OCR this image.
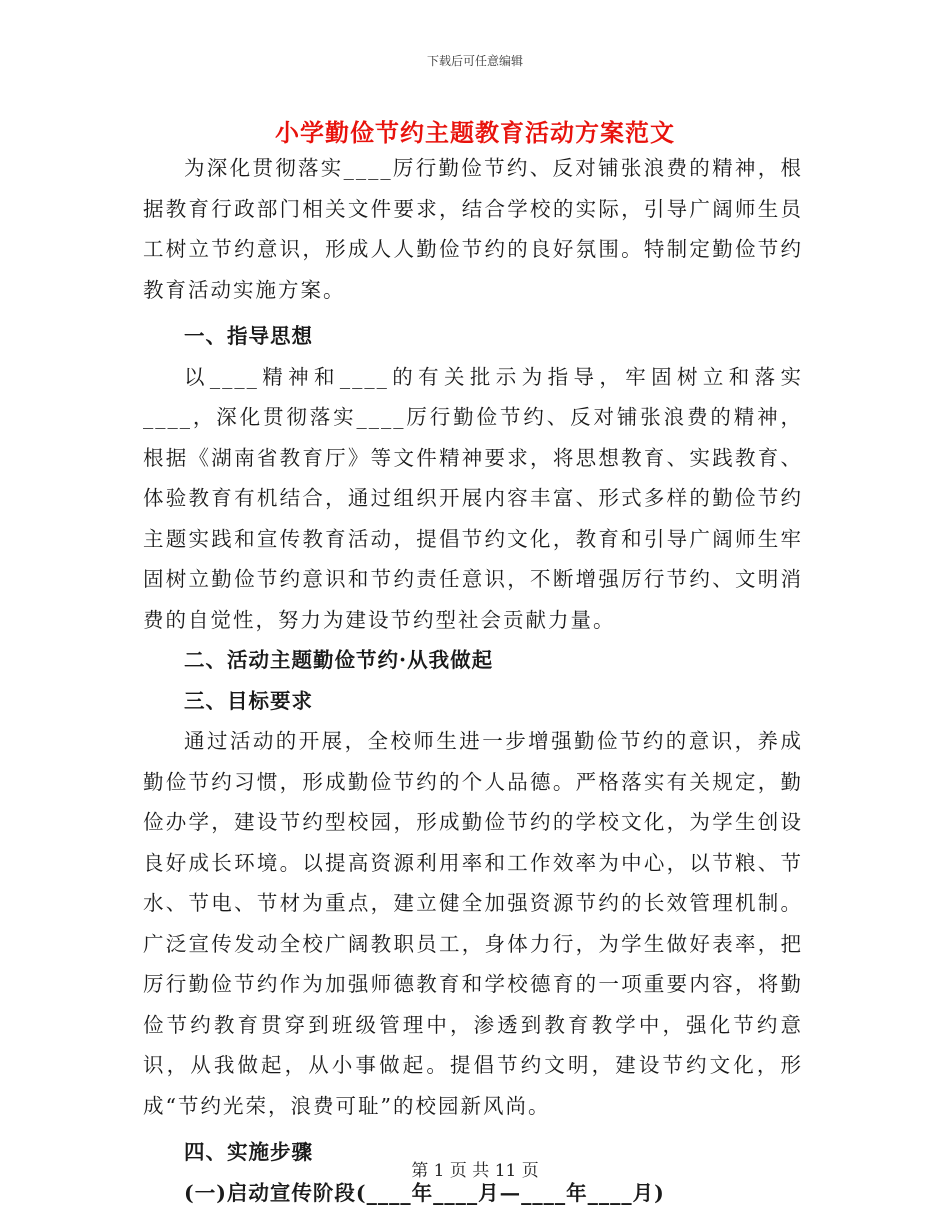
下载后可任意编辑
小学勤俭节约主题教育活动方案范文

为深化贯彻落实____厉行勤俭节约、反对铺张浪费的精神，根据教育行政部门相关文件要求，结合学校的实际，引导广阔师生员工树立节约意识，形成人人勤俭节约的良好氛围。特制定勤俭节约教育活动实施方案。

一、指导思想

以____精神和____的有关批示为指导，牢固树立和落实____，深化贯彻落实____厉行勤俭节约、反对铺张浪费的精神，根据《湖南省教育厅》等文件精神要求，将思想教育、实践教育、体验教育有机结合，通过组织开展内容丰富、形式多样的勤俭节约主题实践和宣传教育活动，提倡节约文化，教育和引导广阔师生牢固树立勤俭节约意识和节约责任意识，不断增强厉行节约、文明消费的自觉性，努力为建设节约型社会贡献力量。

二、活动主题勤俭节约·从我做起

三、目标要求

通过活动的开展，全校师生进一步增强勤俭节约的意识，养成勤俭节约习惯，形成勤俭节约的个人品德。严格落实有关规定，勤俭办学，建设节约型校园，形成勤俭节约的学校文化，为学生创设良好成长环境。以提高资源利用率和工作效率为中心，以节粮、节水、节电、节材为重点，建立健全加强资源节约的长效管理机制。广泛宣传发动全校广阔教职员工，身体力行，为学生做好表率，把厉行勤俭节约作为加强师德教育和学校德育的一项重要内容，将勤俭节约教育贯穿到班级管理中，渗透到教育教学中，强化节约意识，从我做起，从小事做起。提倡节约文明，建设节约文化，形成“节约光荣，浪费可耻”的校园新风尚。

四、实施步骤

(一)启动宣传阶段(____年____月—____年____月)

第 1 页 共 11 页
